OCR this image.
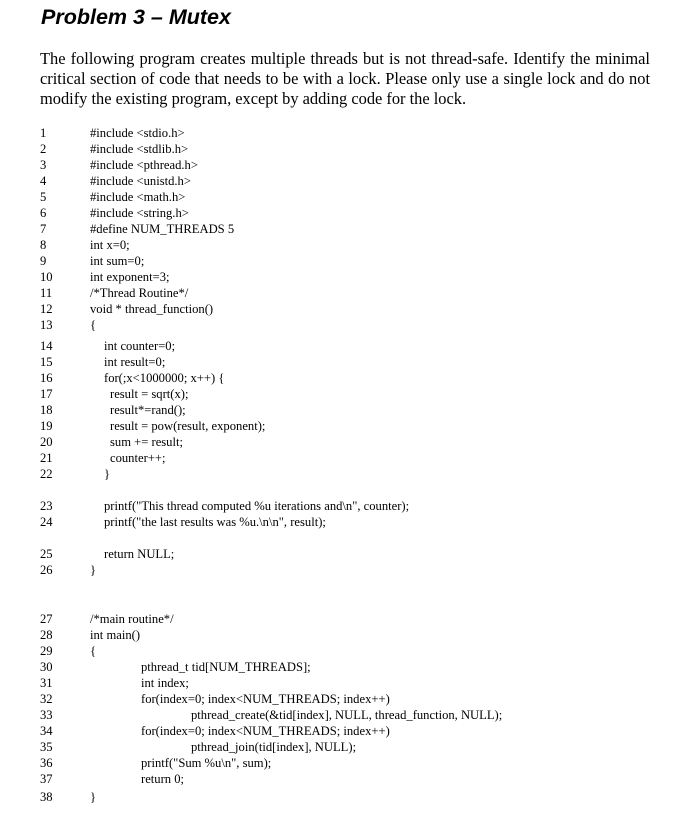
Problem 3 – Mutex
The following program creates multiple threads but is not thread-safe. Identify the minimal critical section of code that needs to be with a lock. Please only use a single lock and do not modify the existing program, except by adding code for the lock.
1	#include <stdio.h>
2	#include <stdlib.h>
3	#include <pthread.h>
4	#include <unistd.h>
5	#include <math.h>
6	#include <string.h>
7	#define NUM_THREADS 5
8	int x=0;
9	int sum=0;
10	int exponent=3;
11	/*Thread Routine*/
12	void * thread_function()
13	{
14	int counter=0;
15	int result=0;
16	for(;x<1000000; x++) {
17	result = sqrt(x);
18	result*=rand();
19	result = pow(result, exponent);
20	sum += result;
21	counter++;
22	}
23	printf("This thread computed %u iterations and\n", counter);
24	printf("the last results was %u.\n\n", result);
25	return NULL;
26	}
27	/*main routine*/
28	int main()
29	{
30	pthread_t tid[NUM_THREADS];
31	int index;
32	for(index=0; index<NUM_THREADS; index++)
33	pthread_create(&tid[index], NULL, thread_function, NULL);
34	for(index=0; index<NUM_THREADS; index++)
35	pthread_join(tid[index], NULL);
36	printf("Sum %u\n", sum);
37	return 0;
38	}
